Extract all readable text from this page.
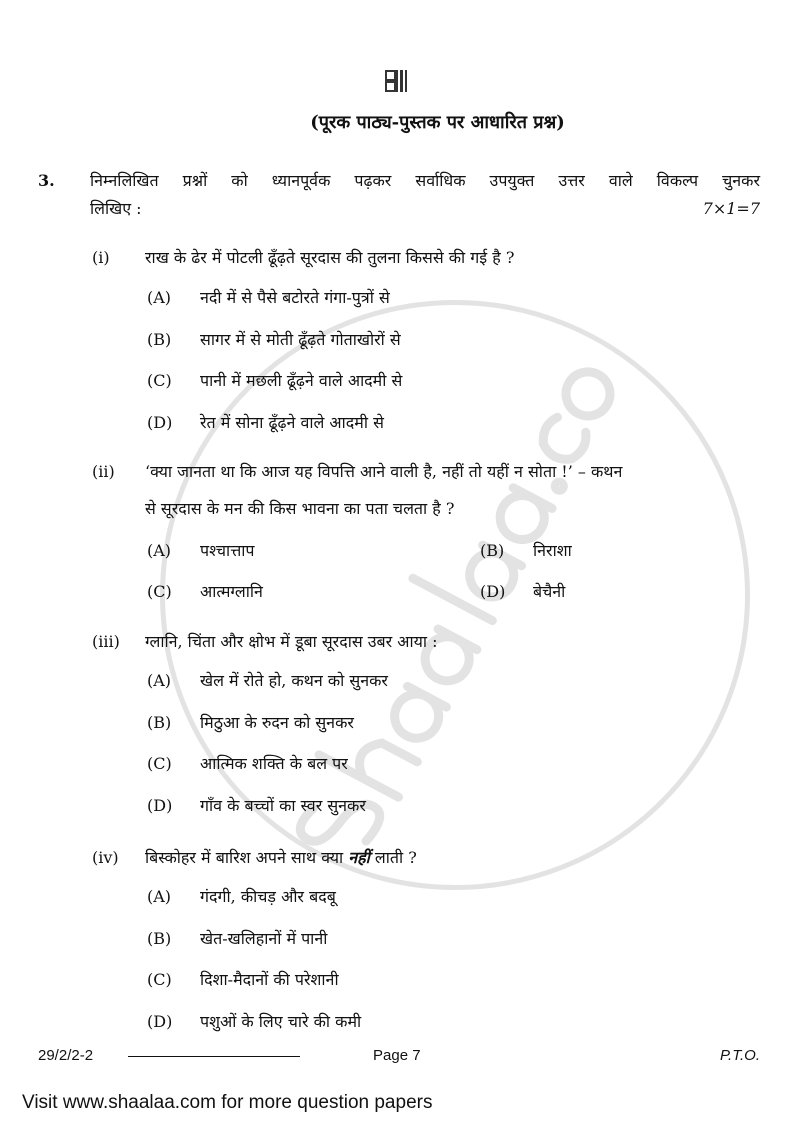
(पूरक पाठ्य-पुस्तक पर आधारित प्रश्न)
3. निम्नलिखित प्रश्नों को ध्यानपूर्वक पढ़कर सर्वाधिक उपयुक्त उत्तर वाले विकल्प चुनकर
लिखिए :	7×1=7
(i) राख के ढेर में पोटली ढूँढ़ते सूरदास की तुलना किससे की गई है ?
(A) नदी में से पैसे बटोरते गंगा-पुत्रों से
(B) सागर में से मोती ढूँढ़ते गोताखोरों से
(C) पानी में मछली ढूँढ़ने वाले आदमी से
(D) रेत में सोना ढूँढ़ने वाले आदमी से
(ii) ‘क्या जानता था कि आज यह विपत्ति आने वाली है, नहीं तो यहीं न सोता !’ – कथन
से सूरदास के मन की किस भावना का पता चलता है ?
(A) पश्चात्ताप	(B) निराशा
(C) आत्मग्लानि	(D) बेचैनी
(iii) ग्लानि, चिंता और क्षोभ में डूबा सूरदास उबर आया :
(A) खेल में रोते हो, कथन को सुनकर
(B) मिठुआ के रुदन को सुनकर
(C) आत्मिक शक्ति के बल पर
(D) गाँव के बच्चों का स्वर सुनकर
(iv) बिस्कोहर में बारिश अपने साथ क्या नहीं लाती ?
(A) गंदगी, कीचड़ और बदबू
(B) खेत-खलिहानों में पानी
(C) दिशा-मैदानों की परेशानी
(D) पशुओं के लिए चारे की कमी
29/2/2-2	Page 7	P.T.O.
Visit www.shaalaa.com for more question papers
